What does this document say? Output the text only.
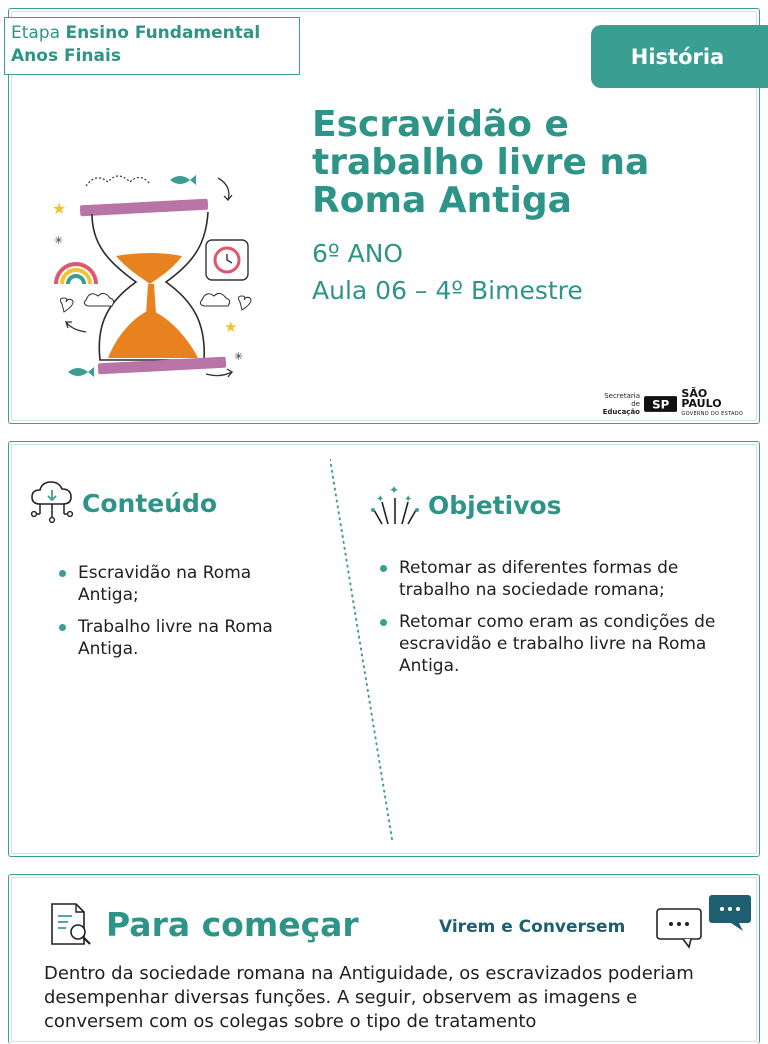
Etapa Ensino Fundamental
Anos Finais	História
★
★
✳
✳
Escravidão e trabalho livre na Roma Antiga
6º ANO
Aula 06 – 4º Bimestre
Secretaria de
Educação
SP
SÃO PAULO
GOVERNO DO ESTADO
Conteúdo
Escravidão na Roma Antiga;
Trabalho livre na Roma Antiga.
✦
✦ ✦ Objetivos
Retomar as diferentes formas de trabalho na sociedade romana;
Retomar como eram as condições de escravidão e trabalho livre na Roma Antiga.
Para começar	Virem e Conversem

Dentro da sociedade romana na Antiguidade, os escravizados poderiam desempenhar diversas funções. A seguir, observem as imagens e conversem com os colegas sobre o tipo de tratamento
